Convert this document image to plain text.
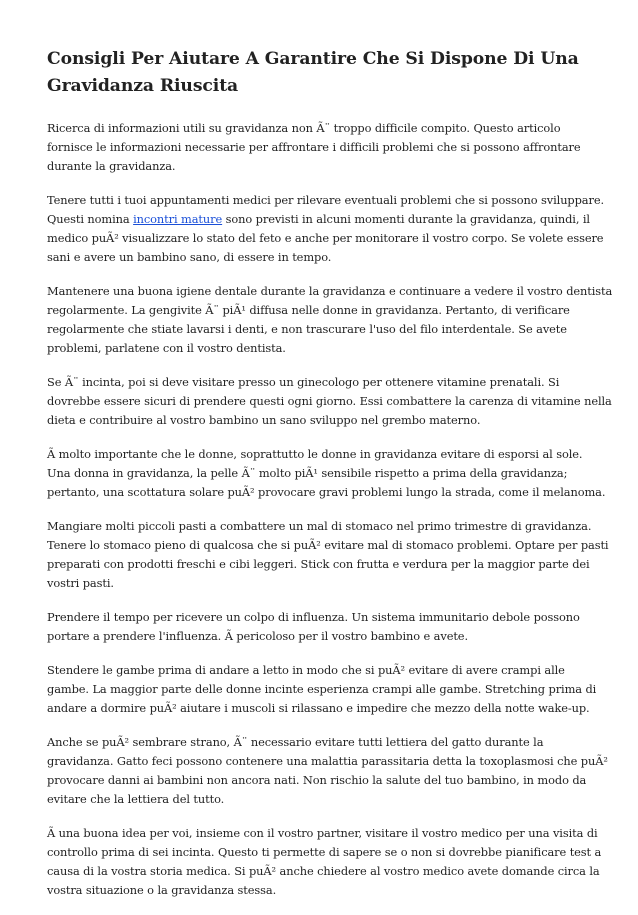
Consigli Per Aiutare A Garantire Che Si Dispone Di Una
Gravidanza Riuscita

Ricerca di informazioni utili su gravidanza non Ã¨ troppo difficile compito. Questo articolo
fornisce le informazioni necessarie per affrontare i difficili problemi che si possono affrontare
durante la gravidanza.

Tenere tutti i tuoi appuntamenti medici per rilevare eventuali problemi che si possono sviluppare.
Questi nomina incontri mature sono previsti in alcuni momenti durante la gravidanza, quindi, il
medico puÃ² visualizzare lo stato del feto e anche per monitorare il vostro corpo. Se volete essere
sani e avere un bambino sano, di essere in tempo.

Mantenere una buona igiene dentale durante la gravidanza e continuare a vedere il vostro dentista
regolarmente. La gengivite Ã¨ piÃ¹ diffusa nelle donne in gravidanza. Pertanto, di verificare
regolarmente che stiate lavarsi i denti, e non trascurare l'uso del filo interdentale. Se avete
problemi, parlatene con il vostro dentista.

Se Ã¨ incinta, poi si deve visitare presso un ginecologo per ottenere vitamine prenatali. Si
dovrebbe essere sicuri di prendere questi ogni giorno. Essi combattere la carenza di vitamine nella
dieta e contribuire al vostro bambino un sano sviluppo nel grembo materno.

Ã molto importante che le donne, soprattutto le donne in gravidanza evitare di esporsi al sole.
Una donna in gravidanza, la pelle Ã¨ molto piÃ¹ sensibile rispetto a prima della gravidanza;
pertanto, una scottatura solare puÃ² provocare gravi problemi lungo la strada, come il melanoma.

Mangiare molti piccoli pasti a combattere un mal di stomaco nel primo trimestre di gravidanza.
Tenere lo stomaco pieno di qualcosa che si puÃ² evitare mal di stomaco problemi. Optare per pasti
preparati con prodotti freschi e cibi leggeri. Stick con frutta e verdura per la maggior parte dei
vostri pasti.

Prendere il tempo per ricevere un colpo di influenza. Un sistema immunitario debole possono
portare a prendere l'influenza. Ã pericoloso per il vostro bambino e avete.

Stendere le gambe prima di andare a letto in modo che si puÃ² evitare di avere crampi alle
gambe. La maggior parte delle donne incinte esperienza crampi alle gambe. Stretching prima di
andare a dormire puÃ² aiutare i muscoli si rilassano e impedire che mezzo della notte wake-up.

Anche se puÃ² sembrare strano, Ã¨ necessario evitare tutti lettiera del gatto durante la
gravidanza. Gatto feci possono contenere una malattia parassitaria detta la toxoplasmosi che puÃ²
provocare danni ai bambini non ancora nati. Non rischio la salute del tuo bambino, in modo da
evitare che la lettiera del tutto.

Ã una buona idea per voi, insieme con il vostro partner, visitare il vostro medico per una visita di
controllo prima di sei incinta. Questo ti permette di sapere se o non si dovrebbe pianificare test a
causa di la vostra storia medica. Si puÃ² anche chiedere al vostro medico avete domande circa la
vostra situazione o la gravidanza stessa.
